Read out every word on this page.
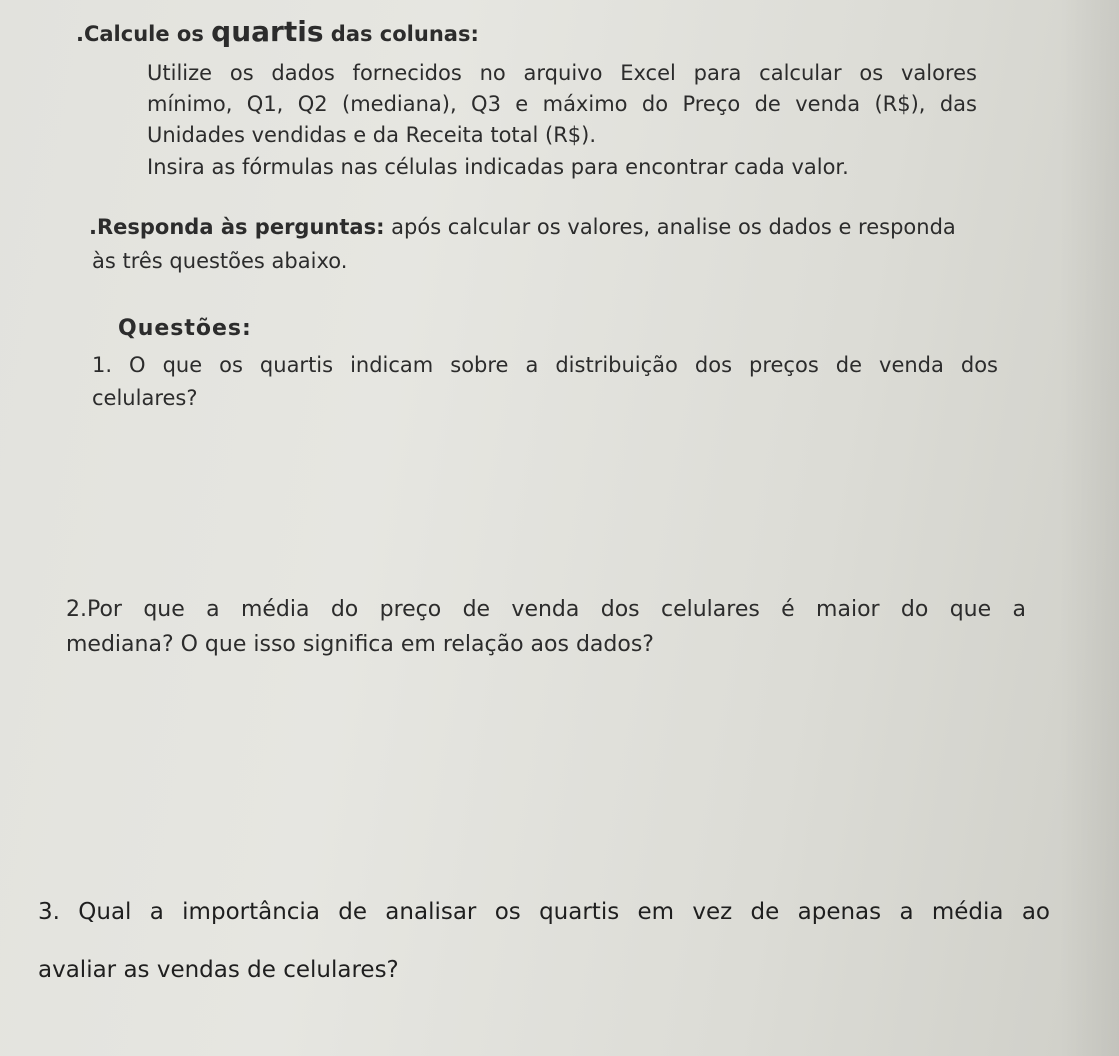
.Calcule os quartis das colunas:
Utilize os dados fornecidos no arquivo Excel para calcular os valores
mínimo, Q1, Q2 (mediana), Q3 e máximo do Preço de venda (R$), das
Unidades vendidas e da Receita total (R$).
Insira as fórmulas nas células indicadas para encontrar cada valor.
.Responda às perguntas: após calcular os valores, analise os dados e responda
às três questões abaixo.
Questões:
1. O que os quartis indicam sobre a distribuição dos preços de venda dos
celulares?
2.Por que a média do preço de venda dos celulares é maior do que a
mediana? O que isso significa em relação aos dados?
3. Qual a importância de analisar os quartis em vez de apenas a média ao
avaliar as vendas de celulares?
